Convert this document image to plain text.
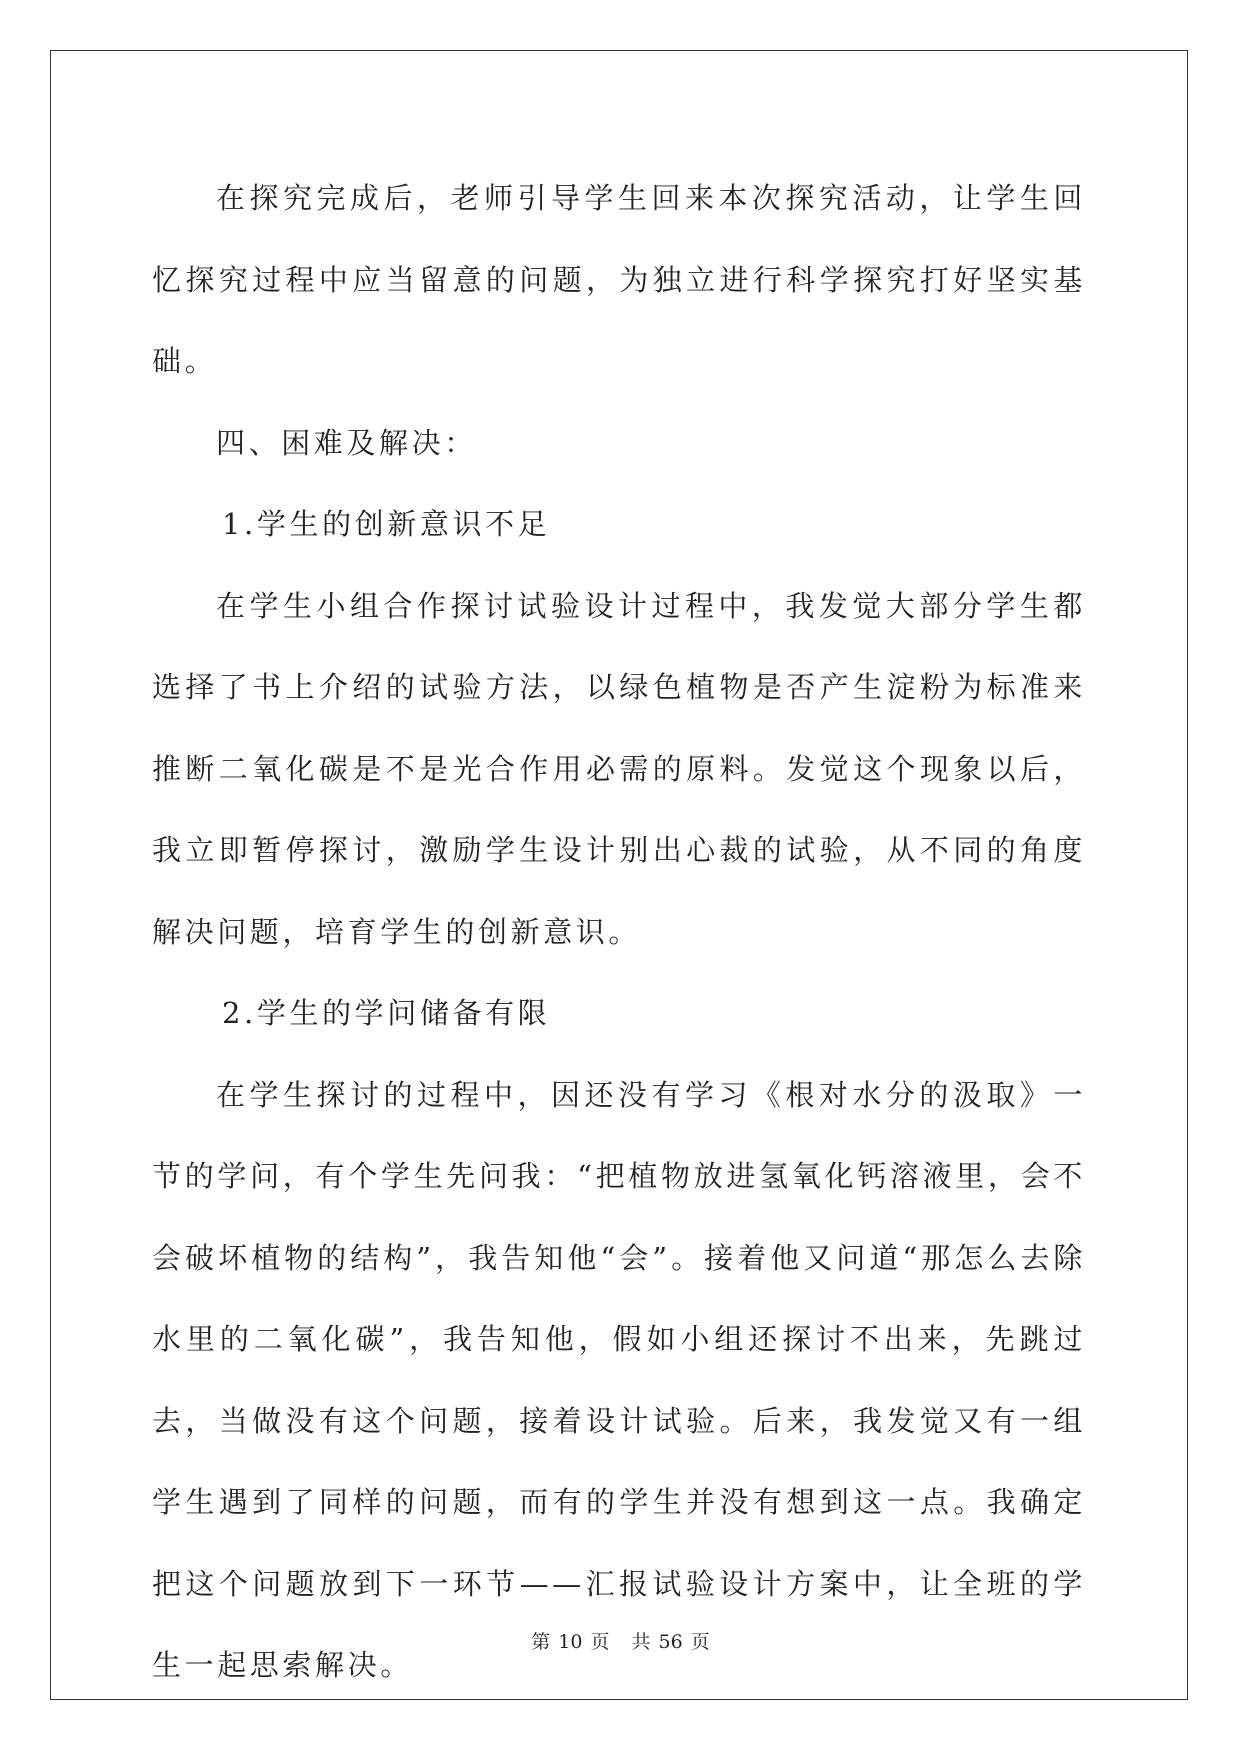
在探究完成后，老师引导学生回来本次探究活动，让学生回忆探究过程中应当留意的问题，为独立进行科学探究打好坚实基础。

四、困难及解决：

1.学生的创新意识不足

在学生小组合作探讨试验设计过程中，我发觉大部分学生都选择了书上介绍的试验方法，以绿色植物是否产生淀粉为标准来推断二氧化碳是不是光合作用必需的原料。发觉这个现象以后，我立即暂停探讨，激励学生设计别出心裁的试验，从不同的角度解决问题，培育学生的创新意识。

2.学生的学问储备有限

在学生探讨的过程中，因还没有学习《根对水分的汲取》一节的学问，有个学生先问我：“把植物放进氢氧化钙溶液里，会不会破坏植物的结构”，我告知他“会”。接着他又问道“那怎么去除水里的二氧化碳”，我告知他，假如小组还探讨不出来，先跳过去，当做没有这个问题，接着设计试验。后来，我发觉又有一组学生遇到了同样的问题，而有的学生并没有想到这一点。我确定把这个问题放到下一环节——汇报试验设计方案中，让全班的学生一起思索解决。

第 10 页 共 56 页
